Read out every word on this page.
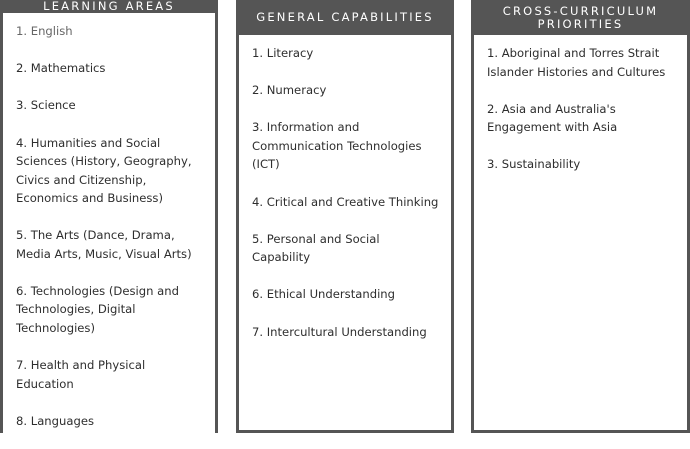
LEARNING AREAS
1. English
2. Mathematics
3. Science
4. Humanities and Social Sciences (History, Geography, Civics and Citizenship, Economics and Business)
5. The Arts (Dance, Drama, Media Arts, Music, Visual Arts)
6. Technologies (Design and Technologies, Digital Technologies)
7. Health and Physical Education
8. Languages
GENERAL CAPABILITIES
1. Literacy
2. Numeracy
3. Information and Communication Technologies (ICT)
4. Critical and Creative Thinking
5. Personal and Social Capability
6. Ethical Understanding
7. Intercultural Understanding
CROSS-CURRICULUM
PRIORITIES
1. Aboriginal and Torres Strait Islander Histories and Cultures
2. Asia and Australia's Engagement with Asia
3. Sustainability
